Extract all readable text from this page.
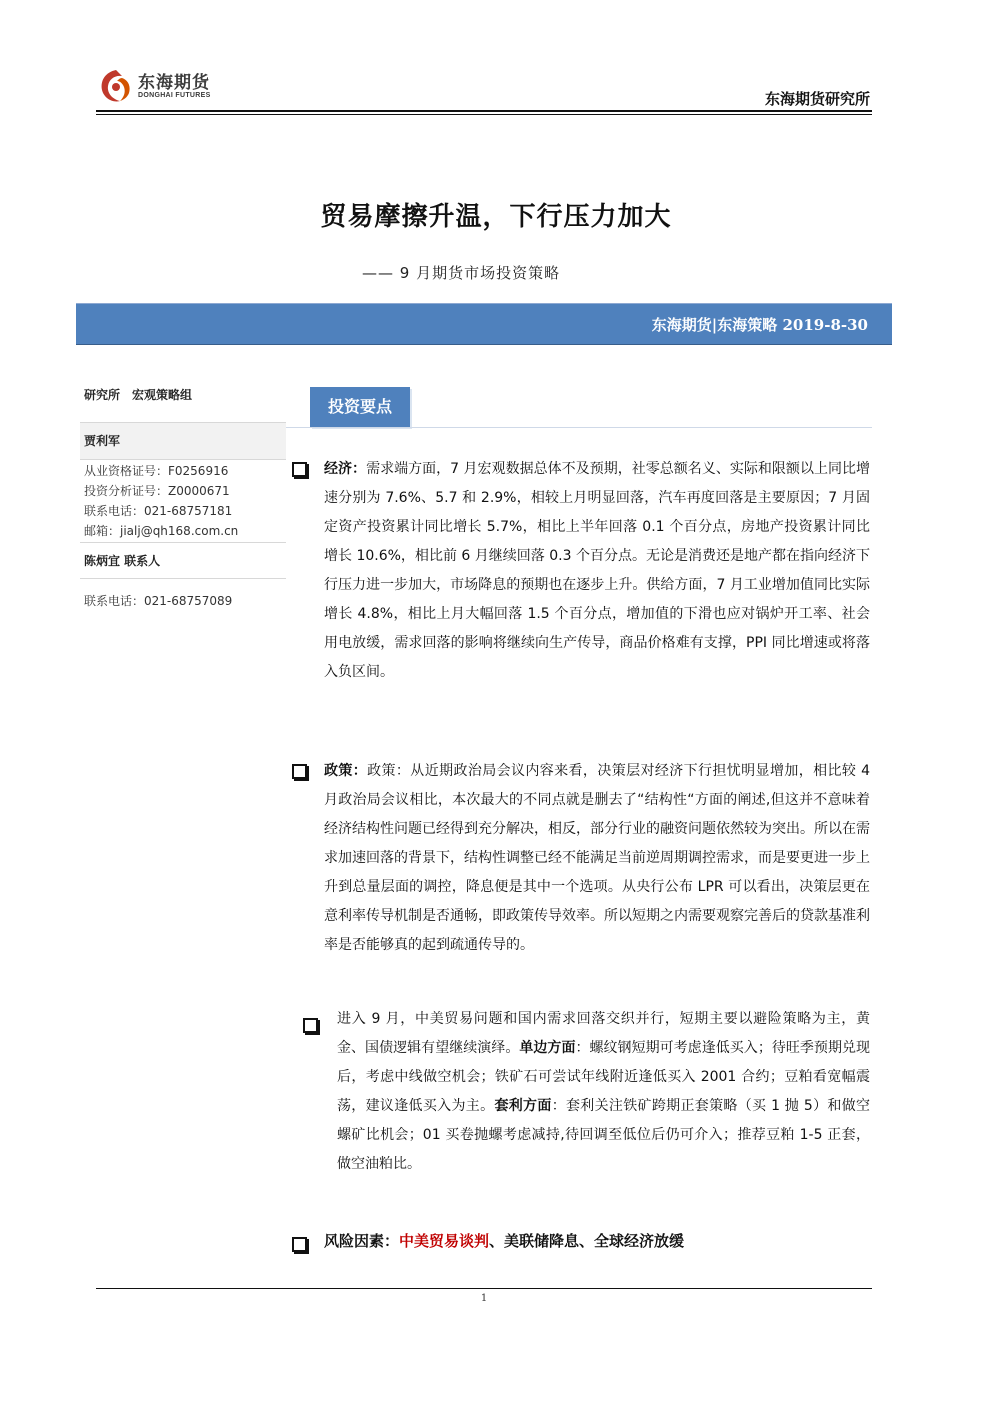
东海期货
DONGHAI FUTURES	东海期货研究所
贸易摩擦升温，下行压力加大
—— 9 月期货市场投资策略
东海期货|东海策略 2019-8-30
研究所　宏观策略组
贾利军
从业资格证号：F0256916
投资分析证号：Z0000671
联系电话：021-68757181
邮箱：jialj@qh168.com.cn
陈炳宜 联系人
联系电话：021-68757089
投资要点
经济：需求端方面，7 月宏观数据总体不及预期，社零总额名义、实际和限额以上同比增速分别为 7.6%、5.7 和 2.9%，相较上月明显回落，汽车再度回落是主要原因；7 月固定资产投资累计同比增长 5.7%，相比上半年回落 0.1 个百分点，房地产投资累计同比增长 10.6%，相比前 6 月继续回落 0.3 个百分点。无论是消费还是地产都在指向经济下行压力进一步加大，市场降息的预期也在逐步上升。供给方面，7 月工业增加值同比实际增长 4.8%，相比上月大幅回落 1.5 个百分点，增加值的下滑也应对锅炉开工率、社会用电放缓，需求回落的影响将继续向生产传导，商品价格难有支撑，PPI 同比增速或将落入负区间。
政策：政策：从近期政治局会议内容来看，决策层对经济下行担忧明显增加，相比较 4 月政治局会议相比，本次最大的不同点就是删去了“结构性“方面的阐述,但这并不意味着经济结构性问题已经得到充分解决，相反，部分行业的融资问题依然较为突出。所以在需求加速回落的背景下，结构性调整已经不能满足当前逆周期调控需求，而是要更进一步上升到总量层面的调控，降息便是其中一个选项。从央行公布 LPR 可以看出，决策层更在意利率传导机制是否通畅，即政策传导效率。所以短期之内需要观察完善后的贷款基准利率是否能够真的起到疏通传导的。
进入 9 月，中美贸易问题和国内需求回落交织并行，短期主要以避险策略为主，黄金、国债逻辑有望继续演绎。单边方面：螺纹钢短期可考虑逢低买入；待旺季预期兑现后，考虑中线做空机会；铁矿石可尝试年线附近逢低买入 2001 合约；豆粕看宽幅震荡，建议逢低买入为主。套利方面：套利关注铁矿跨期正套策略（买 1 抛 5）和做空螺矿比机会；01 买卷抛螺考虑减持,待回调至低位后仍可介入；推荐豆粕 1-5 正套，做空油粕比。
风险因素：中美贸易谈判、美联储降息、全球经济放缓
1
